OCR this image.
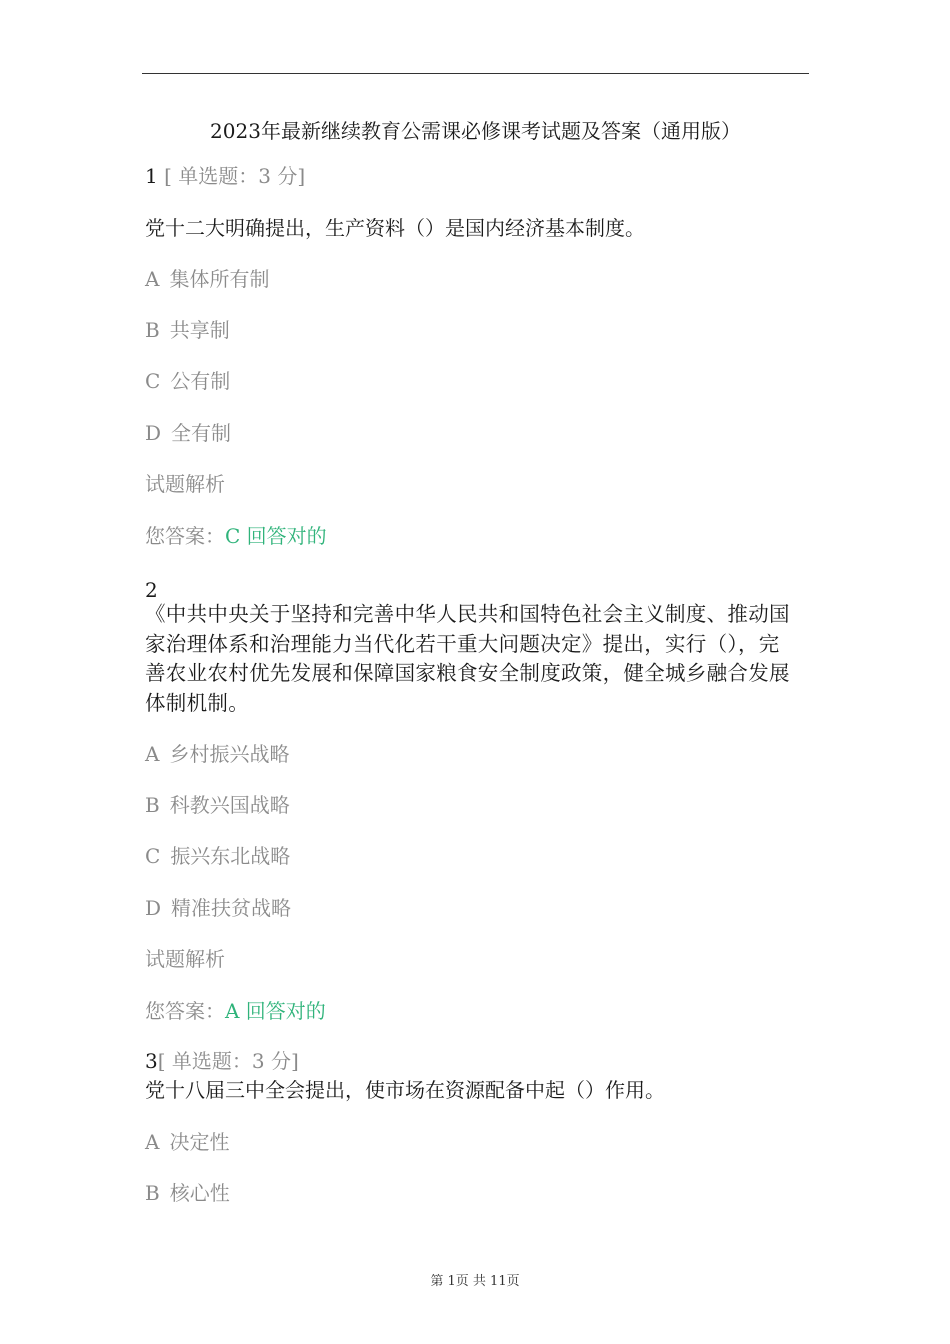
2023年最新继续教育公需课必修课考试题及答案（通用版）
1 [ 单选题：3 分]
党十二大明确提出，生产资料（）是国内经济基本制度。
A 集体所有制
B 共享制
C 公有制
D 全有制
试题解析
您答案：C 回答对的
2
《中共中央关于坚持和完善中华人民共和国特色社会主义制度、推动国家治理体系和治理能力当代化若干重大问题决定》提出，实行（），完善农业农村优先发展和保障国家粮食安全制度政策，健全城乡融合发展体制机制。
A 乡村振兴战略
B 科教兴国战略
C 振兴东北战略
D 精准扶贫战略
试题解析
您答案：A 回答对的
3[ 单选题：3 分]
党十八届三中全会提出，使市场在资源配备中起（）作用。
A 决定性
B 核心性
第 1页 共 11页
